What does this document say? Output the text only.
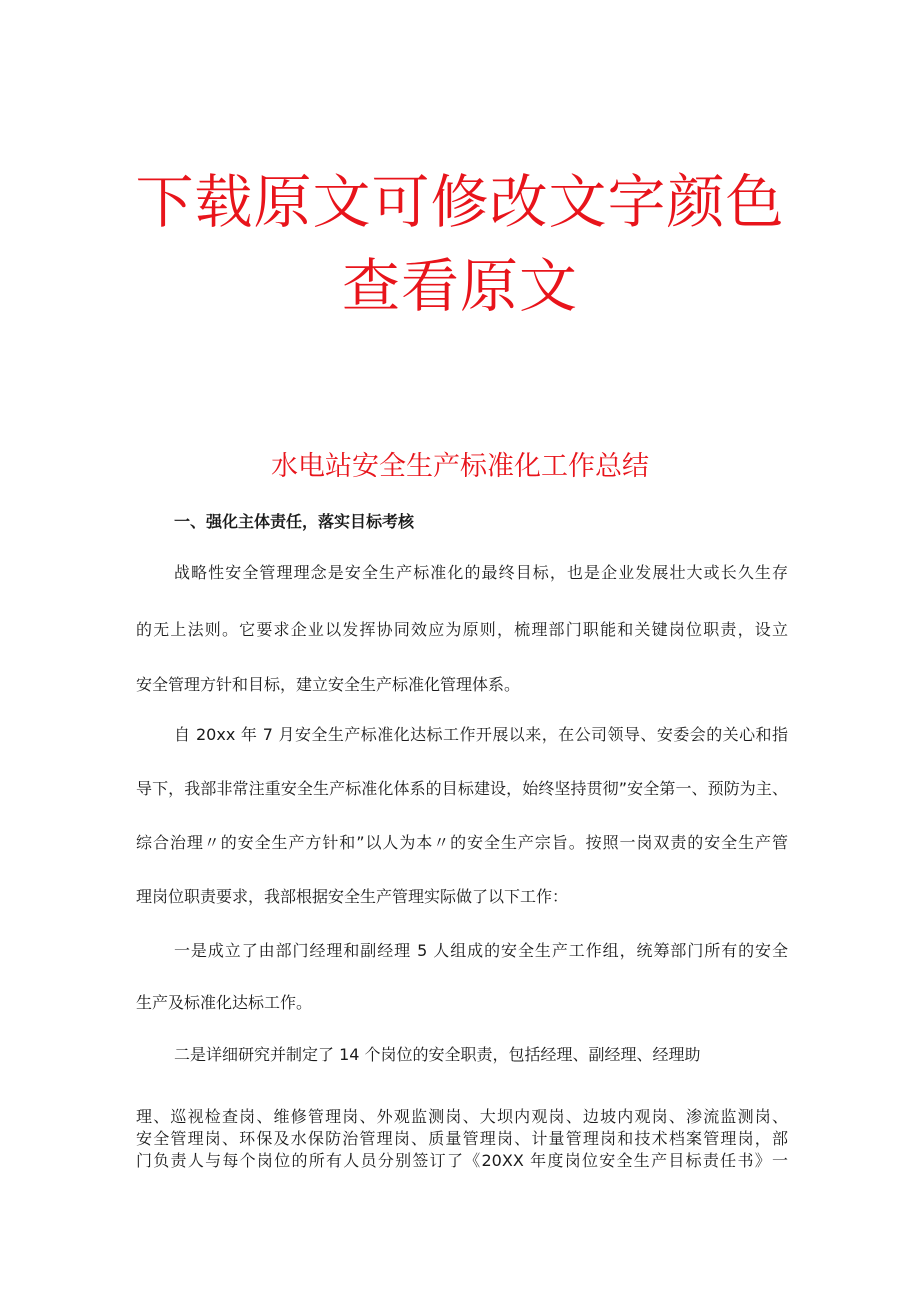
下载原文可修改文字颜色
查看原文
水电站安全生产标准化工作总结
一、强化主体责任，落实目标考核
战略性安全管理理念是安全生产标准化的最终目标，也是企业发展壮大或长久生存
的无上法则。它要求企业以发挥协同效应为原则，梳理部门职能和关键岗位职责，设立
安全管理方针和目标，建立安全生产标准化管理体系。
自 20xx 年 7 月安全生产标准化达标工作开展以来，在公司领导、安委会的关心和指
导下，我部非常注重安全生产标准化体系的目标建设，始终坚持贯彻”安全第一、预防为主、
综合治理〃的安全生产方针和”以人为本〃的安全生产宗旨。按照一岗双责的安全生产管
理岗位职责要求，我部根据安全生产管理实际做了以下工作：
一是成立了由部门经理和副经理 5 人组成的安全生产工作组，统筹部门所有的安全
生产及标准化达标工作。
二是详细研究并制定了 14 个岗位的安全职责，包括经理、副经理、经理助
理、巡视检查岗、维修管理岗、外观监测岗、大坝内观岗、边坡内观岗、渗流监测岗、
安全管理岗、环保及水保防治管理岗、质量管理岗、计量管理岗和技术档案管理岗，部
门负责人与每个岗位的所有人员分别签订了《20XX 年度岗位安全生产目标责任书》一
